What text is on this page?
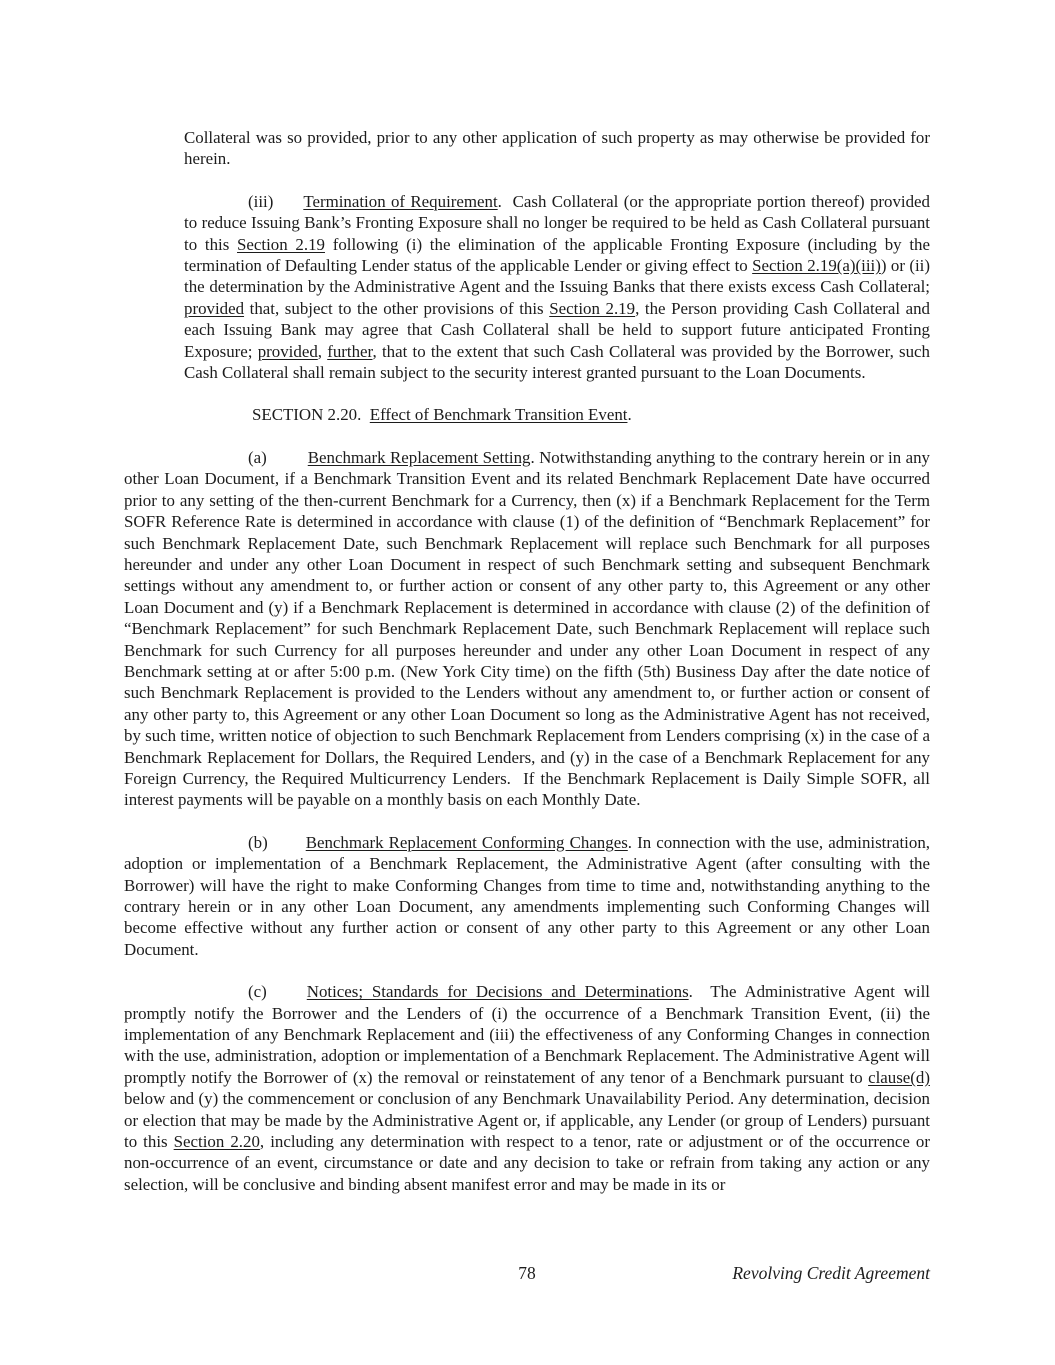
Collateral was so provided, prior to any other application of such property as may otherwise be provided for herein.

(iii) Termination of Requirement.  Cash Collateral (or the appropriate portion thereof) provided to reduce Issuing Bank’s Fronting Exposure shall no longer be required to be held as Cash Collateral pursuant to this Section 2.19 following (i) the elimination of the applicable Fronting Exposure (including by the termination of Defaulting Lender status of the applicable Lender or giving effect to Section 2.19(a)(iii)) or (ii) the determination by the Administrative Agent and the Issuing Banks that there exists excess Cash Collateral; provided that, subject to the other provisions of this Section 2.19, the Person providing Cash Collateral and each Issuing Bank may agree that Cash Collateral shall be held to support future anticipated Fronting Exposure; provided, further, that to the extent that such Cash Collateral was provided by the Borrower, such Cash Collateral shall remain subject to the security interest granted pursuant to the Loan Documents.

SECTION 2.20.  Effect of Benchmark Transition Event.

(a) Benchmark Replacement Setting. Notwithstanding anything to the contrary herein or in any other Loan Document, if a Benchmark Transition Event and its related Benchmark Replacement Date have occurred prior to any setting of the then-current Benchmark for a Currency, then (x) if a Benchmark Replacement for the Term SOFR Reference Rate is determined in accordance with clause (1) of the definition of “Benchmark Replacement” for such Benchmark Replacement Date, such Benchmark Replacement will replace such Benchmark for all purposes hereunder and under any other Loan Document in respect of such Benchmark setting and subsequent Benchmark settings without any amendment to, or further action or consent of any other party to, this Agreement or any other Loan Document and (y) if a Benchmark Replacement is determined in accordance with clause (2) of the definition of “Benchmark Replacement” for such Benchmark Replacement Date, such Benchmark Replacement will replace such Benchmark for such Currency for all purposes hereunder and under any other Loan Document in respect of any Benchmark setting at or after 5:00 p.m. (New York City time) on the fifth (5th) Business Day after the date notice of such Benchmark Replacement is provided to the Lenders without any amendment to, or further action or consent of any other party to, this Agreement or any other Loan Document so long as the Administrative Agent has not received, by such time, written notice of objection to such Benchmark Replacement from Lenders comprising (x) in the case of a Benchmark Replacement for Dollars, the Required Lenders, and (y) in the case of a Benchmark Replacement for any Foreign Currency, the Required Multicurrency Lenders.  If the Benchmark Replacement is Daily Simple SOFR, all interest payments will be payable on a monthly basis on each Monthly Date.

(b) Benchmark Replacement Conforming Changes. In connection with the use, administration, adoption or implementation of a Benchmark Replacement, the Administrative Agent (after consulting with the Borrower) will have the right to make Conforming Changes from time to time and, notwithstanding anything to the contrary herein or in any other Loan Document, any amendments implementing such Conforming Changes will become effective without any further action or consent of any other party to this Agreement or any other Loan Document.

(c) Notices; Standards for Decisions and Determinations.  The Administrative Agent will promptly notify the Borrower and the Lenders of (i) the occurrence of a Benchmark Transition Event, (ii) the implementation of any Benchmark Replacement and (iii) the effectiveness of any Conforming Changes in connection with the use, administration, adoption or implementation of a Benchmark Replacement. The Administrative Agent will promptly notify the Borrower of (x) the removal or reinstatement of any tenor of a Benchmark pursuant to clause(d) below and (y) the commencement or conclusion of any Benchmark Unavailability Period. Any determination, decision or election that may be made by the Administrative Agent or, if applicable, any Lender (or group of Lenders) pursuant to this Section 2.20, including any determination with respect to a tenor, rate or adjustment or of the occurrence or non-occurrence of an event, circumstance or date and any decision to take or refrain from taking any action or any selection, will be conclusive and binding absent manifest error and may be made in its or

78	Revolving Credit Agreement
